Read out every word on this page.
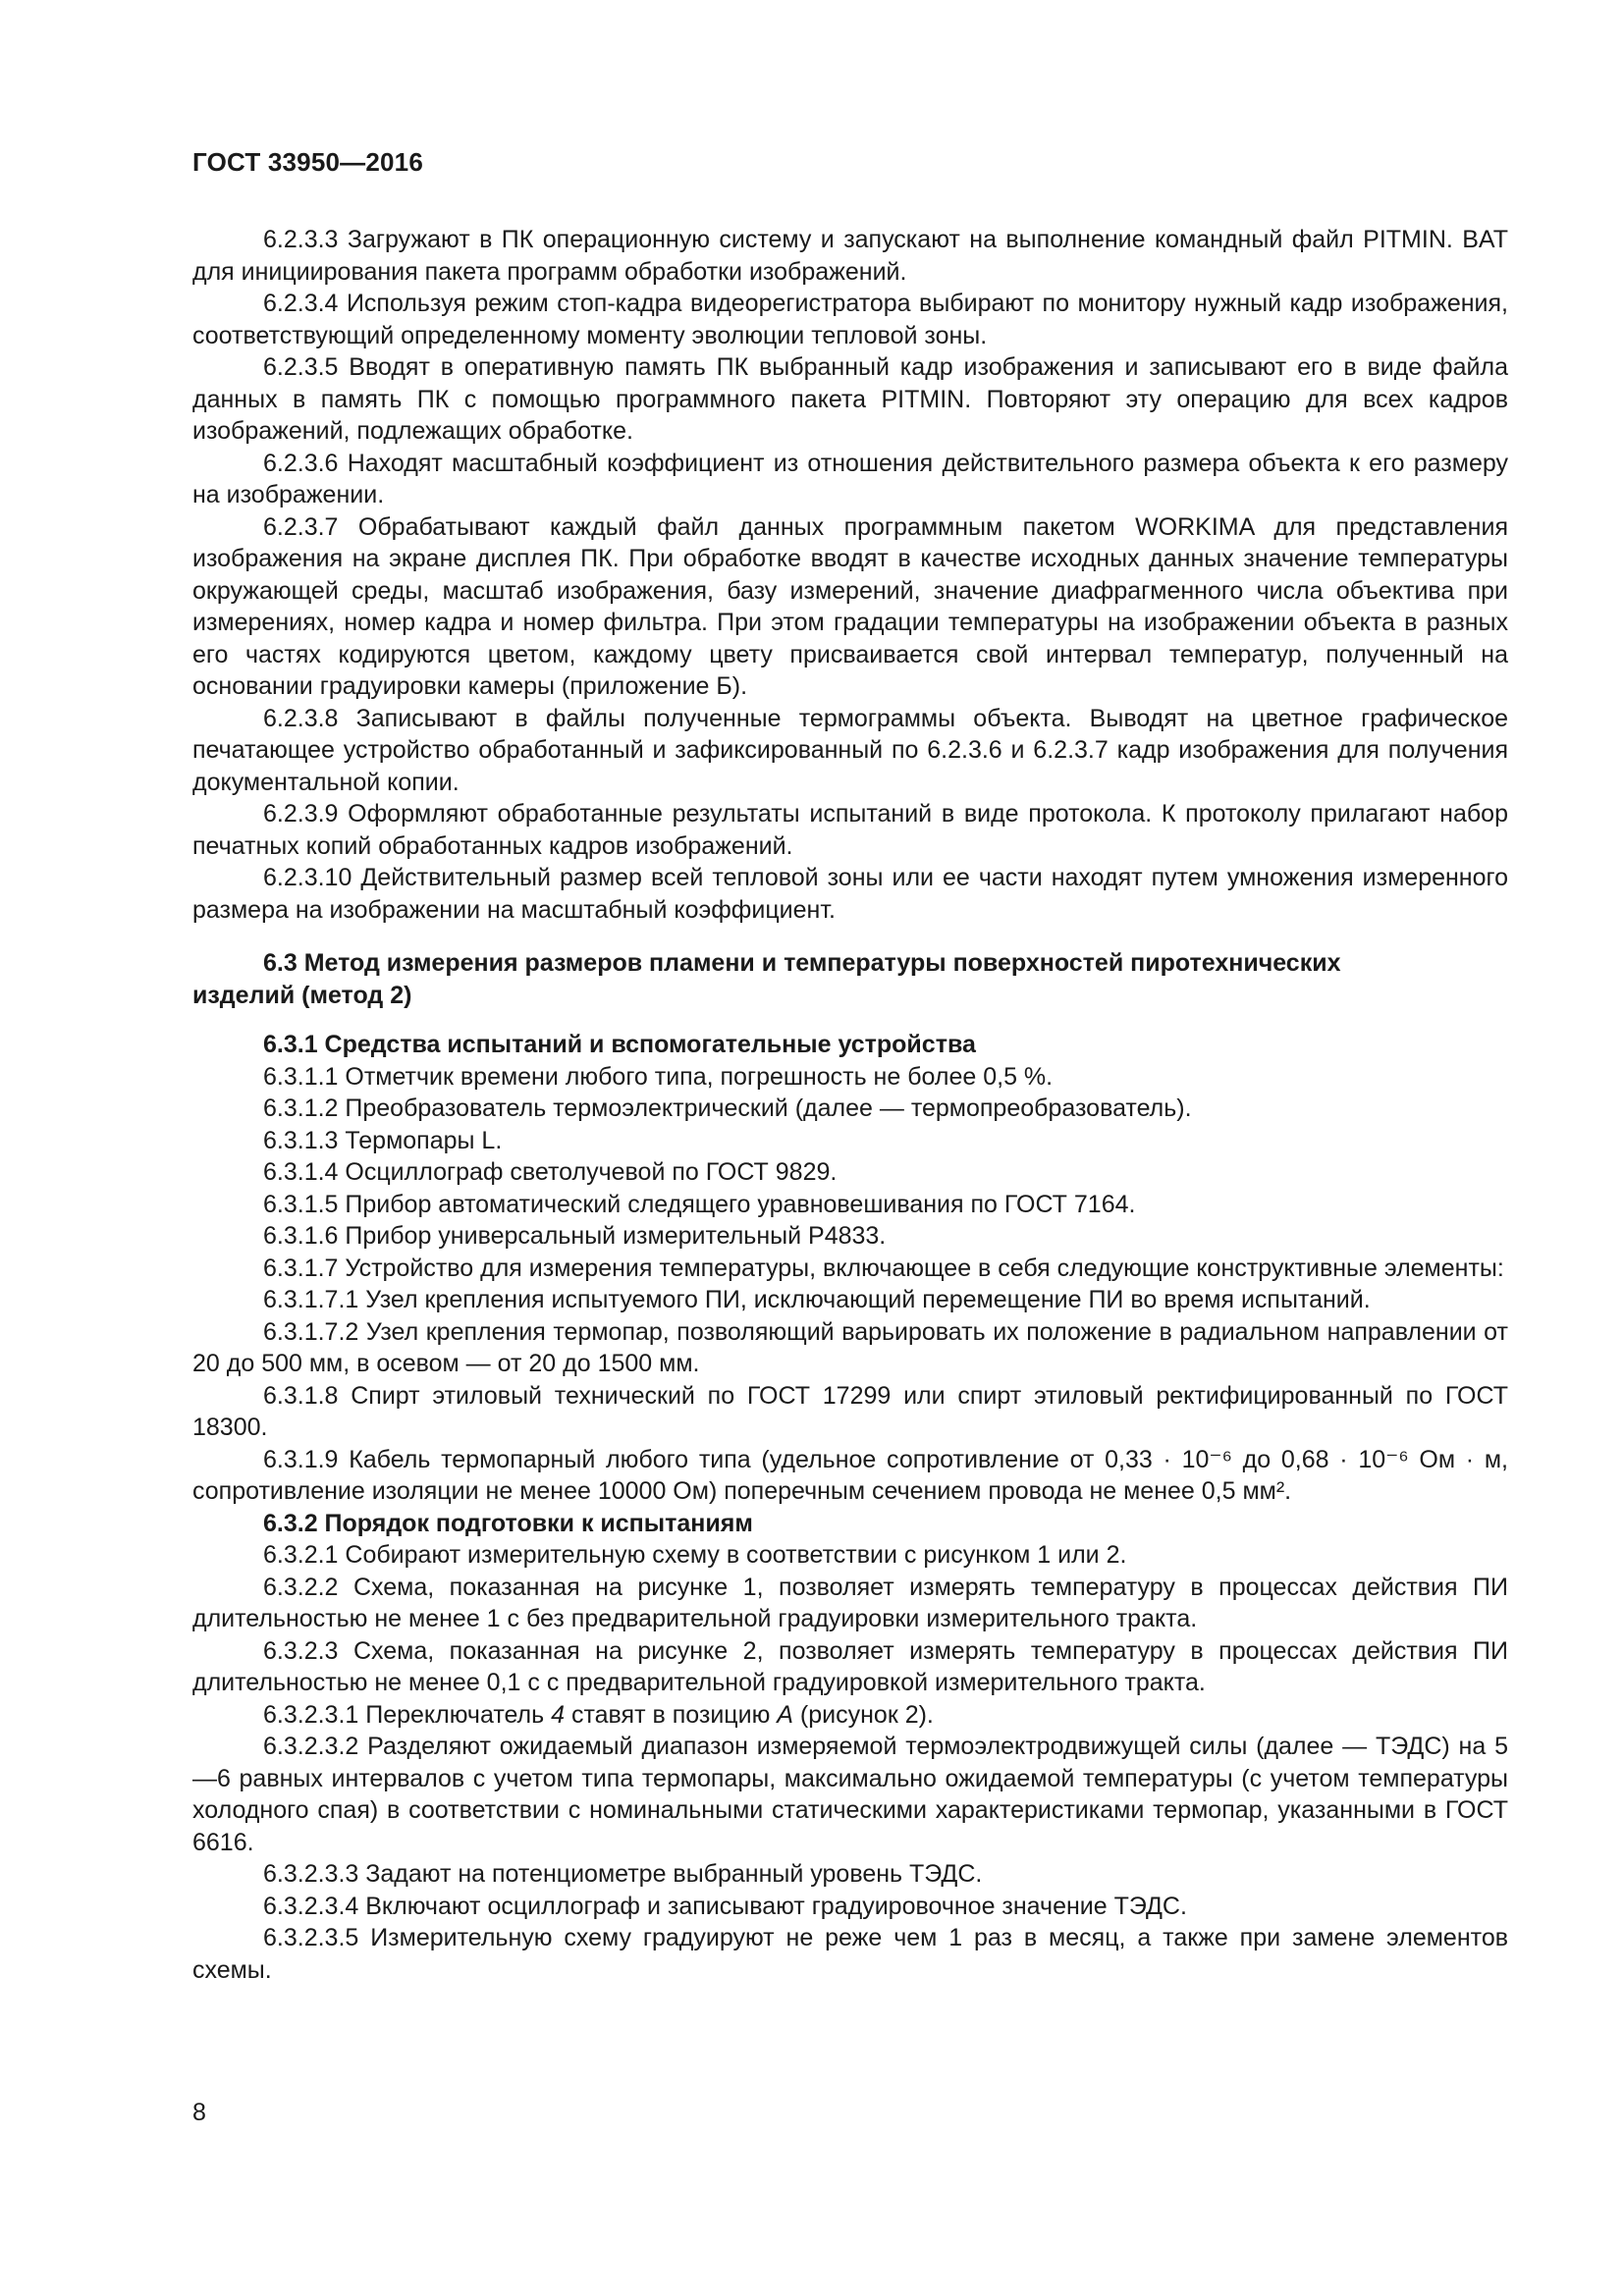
ГОСТ 33950—2016

6.2.3.3 Загружают в ПК операционную систему и запускают на выполнение командный файл PITMIN. BAT для инициирования пакета программ обработки изображений.

6.2.3.4 Используя режим стоп-кадра видеорегистратора выбирают по монитору нужный кадр изображения, соответствующий определенному моменту эволюции тепловой зоны.

6.2.3.5 Вводят в оперативную память ПК выбранный кадр изображения и записывают его в виде файла данных в память ПК с помощью программного пакета PITMIN. Повторяют эту операцию для всех кадров изображений, подлежащих обработке.

6.2.3.6 Находят масштабный коэффициент из отношения действительного размера объекта к его размеру на изображении.

6.2.3.7 Обрабатывают каждый файл данных программным пакетом WORKIMA для представления изображения на экране дисплея ПК. При обработке вводят в качестве исходных данных значение температуры окружающей среды, масштаб изображения, базу измерений, значение диафрагменного числа объектива при измерениях, номер кадра и номер фильтра. При этом градации температуры на изображении объекта в разных его частях кодируются цветом, каждому цвету присваивается свой интервал температур, полученный на основании градуировки камеры (приложение Б).

6.2.3.8 Записывают в файлы полученные термограммы объекта. Выводят на цветное графическое печатающее устройство обработанный и зафиксированный по 6.2.3.6 и 6.2.3.7 кадр изображения для получения документальной копии.

6.2.3.9 Оформляют обработанные результаты испытаний в виде протокола. К протоколу прилагают набор печатных копий обработанных кадров изображений.

6.2.3.10 Действительный размер всей тепловой зоны или ее части находят путем умножения измеренного размера на изображении на масштабный коэффициент.

6.3 Метод измерения размеров пламени и температуры поверхностей пиротехнических изделий (метод 2)

6.3.1 Средства испытаний и вспомогательные устройства

6.3.1.1 Отметчик времени любого типа, погрешность не более 0,5 %.

6.3.1.2 Преобразователь термоэлектрический (далее — термопреобразователь).

6.3.1.3 Термопары L.

6.3.1.4 Осциллограф светолучевой по ГОСТ 9829.

6.3.1.5 Прибор автоматический следящего уравновешивания по ГОСТ 7164.

6.3.1.6 Прибор универсальный измерительный Р4833.

6.3.1.7 Устройство для измерения температуры, включающее в себя следующие конструктивные элементы:

6.3.1.7.1 Узел крепления испытуемого ПИ, исключающий перемещение ПИ во время испытаний.

6.3.1.7.2 Узел крепления термопар, позволяющий варьировать их положение в радиальном направлении от 20 до 500 мм, в осевом — от 20 до 1500 мм.

6.3.1.8 Спирт этиловый технический по ГОСТ 17299 или спирт этиловый ректифицированный по ГОСТ 18300.

6.3.1.9 Кабель термопарный любого типа (удельное сопротивление от 0,33 · 10⁻⁶ до 0,68 · 10⁻⁶ Ом · м, сопротивление изоляции не менее 10000 Ом) поперечным сечением провода не менее 0,5 мм².

6.3.2 Порядок подготовки к испытаниям

6.3.2.1 Собирают измерительную схему в соответствии с рисунком 1 или 2.

6.3.2.2 Схема, показанная на рисунке 1, позволяет измерять температуру в процессах действия ПИ длительностью не менее 1 с без предварительной градуировки измерительного тракта.

6.3.2.3 Схема, показанная на рисунке 2, позволяет измерять температуру в процессах действия ПИ длительностью не менее 0,1 с с предварительной градуировкой измерительного тракта.

6.3.2.3.1 Переключатель 4 ставят в позицию А (рисунок 2).

6.3.2.3.2 Разделяют ожидаемый диапазон измеряемой термоэлектродвижущей силы (далее — ТЭДС) на 5—6 равных интервалов с учетом типа термопары, максимально ожидаемой температуры (с учетом температуры холодного спая) в соответствии с номинальными статическими характеристиками термопар, указанными в ГОСТ 6616.

6.3.2.3.3 Задают на потенциометре выбранный уровень ТЭДС.

6.3.2.3.4 Включают осциллограф и записывают градуировочное значение ТЭДС.

6.3.2.3.5 Измерительную схему градуируют не реже чем 1 раз в месяц, а также при замене элементов схемы.

8
